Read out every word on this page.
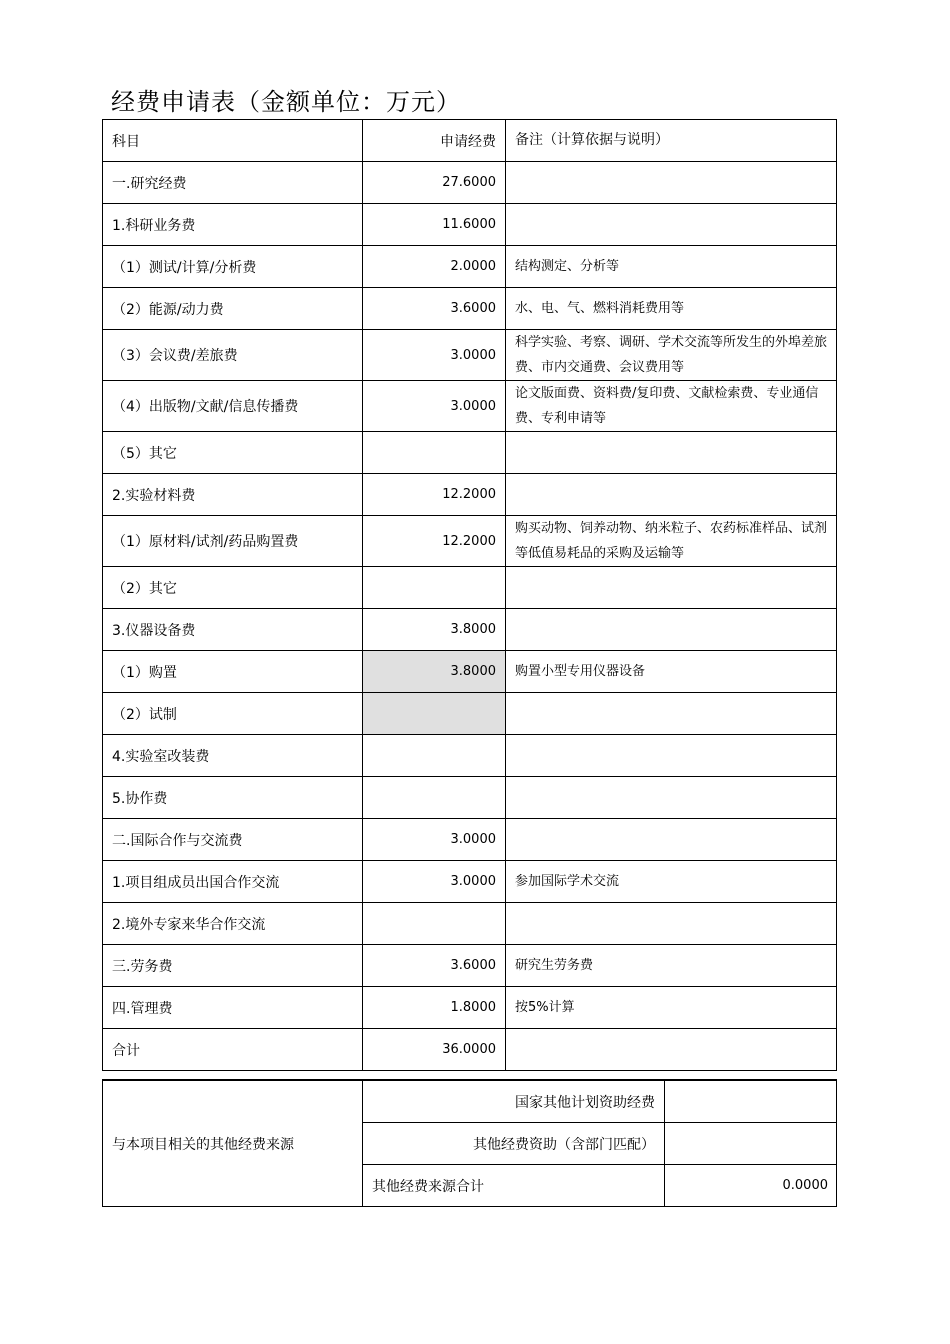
经费申请表（金额单位：万元）
科目	申请经费	备注（计算依据与说明）
一.研究经费	27.6000	
1.科研业务费	11.6000	
（1）测试/计算/分析费	2.0000	结构测定、分析等
（2）能源/动力费	3.6000	水、电、气、燃料消耗费用等
（3）会议费/差旅费	3.0000	科学实验、考察、调研、学术交流等所发生的外埠差旅费、市内交通费、会议费用等
（4）出版物/文献/信息传播费	3.0000	论文版面费、资料费/复印费、文献检索费、专业通信费、专利申请等
（5）其它		
2.实验材料费	12.2000	
（1）原材料/试剂/药品购置费	12.2000	购买动物、饲养动物、纳米粒子、农药标准样品、试剂等低值易耗品的采购及运输等
（2）其它		
3.仪器设备费	3.8000	
（1）购置	3.8000	购置小型专用仪器设备
（2）试制		
4.实验室改装费		
5.协作费		
二.国际合作与交流费	3.0000	
1.项目组成员出国合作交流	3.0000	参加国际学术交流
2.境外专家来华合作交流		
三.劳务费	3.6000	研究生劳务费
四.管理费	1.8000	按5%计算
合计	36.0000	
与本项目相关的其他经费来源	国家其他计划资助经费	
	其他经费资助（含部门匹配）	
	其他经费来源合计	0.0000
